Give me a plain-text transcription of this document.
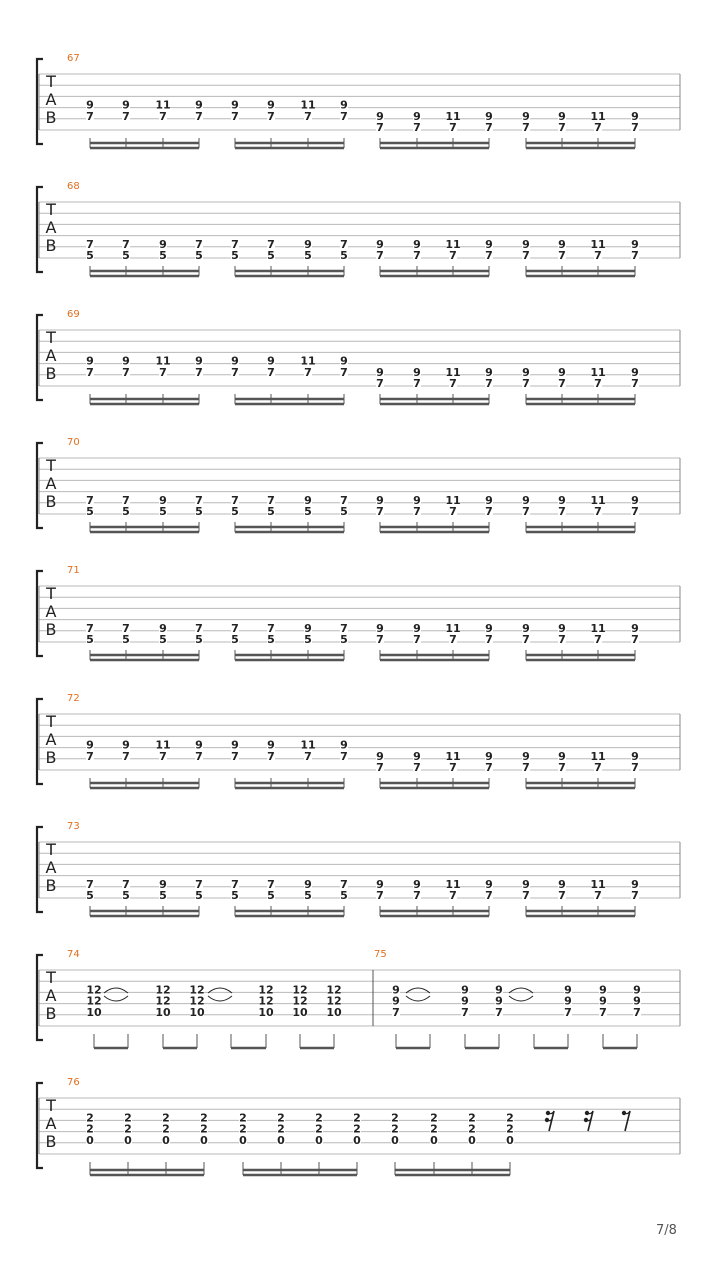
67
T
A
B
9
7
9
7
11
7
9
7
9
7
9
7
11
7
9
7	9
7
9
7
11
7
9
7
9
7
9
7
11
7
9
7
68
T
A
B	7
5
7
5
9
5
7
5
7
5
7
5
9
5
7
5
9
7
9
7
11
7
9
7
9
7
9
7
11
7
9
7
69
T
A
B
9
7
9
7
11
7
9
7
9
7
9
7
11
7
9
7	9
7
9
7
11
7
9
7
9
7
9
7
11
7
9
7
70
T
A
B	7
5
7
5
9
5
7
5
7
5
7
5
9
5
7
5
9
7
9
7
11
7
9
7
9
7
9
7
11
7
9
7
71
T
A
B	7
5
7
5
9
5
7
5
7
5
7
5
9
5
7
5
9
7
9
7
11
7
9
7
9
7
9
7
11
7
9
7
72
T
A
B
9
7
9
7
11
7
9
7
9
7
9
7
11
7
9
7	9
7
9
7
11
7
9
7
9
7
9
7
11
7
9
7
73
T
A
B	7
5
7
5
9
5
7
5
7
5
7
5
9
5
7
5
9
7
9
7
11
7
9
7
9
7
9
7
11
7
9
7
74	75
T
A
B
12
12
10
12
12
10
12
12
10
12
12
10
12
12
10
12
12
10
9
9
7
9
9
7
9
9
7
9
9
7
9
9
7
9
9
7
76
T
A
B
2
2
0
2
2
0
2
2
0
2
2
0
2
2
0
2
2
0
2
2
0
2
2
0
2
2
0
2
2
0
2
2
0
2
2
0
7/8
